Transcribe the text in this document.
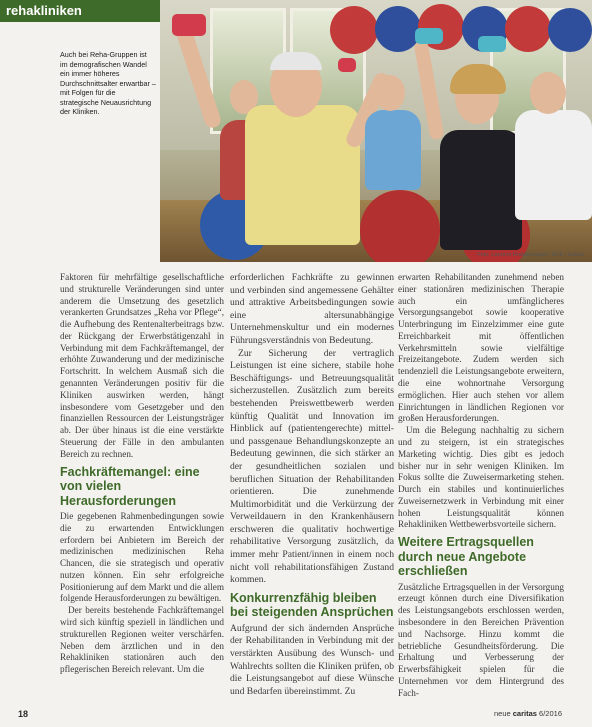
rehakliniken
Auch bei Reha-Gruppen ist im demografischen Wandel ein immer höheres Durchschnittsalter erwartbar – mit Folgen für die strategische Neuausrichtung der Kliniken.
Foto: Laurens Hoddenhagen / AOK / tschau

Faktoren für mehrfältige gesellschaftliche und strukturelle Veränderungen sind unter anderem die Umsetzung des gesetzlich verankerten Grundsatzes „Reha vor Pflege“, die Aufhebung des Rentenalterbeitrags bzw. der Rückgang der Erwerbstätigenzahl in Verbindung mit dem Fachkräftemangel, der erhöhte Zuwanderung und der medizinische Fortschritt. In welchem Ausmaß sich die genannten Veränderungen positiv für die Kliniken auswirken werden, hängt insbesondere vom Gesetzgeber und den finanziellen Ressourcen der Leistungsträger ab. Der über hinaus ist die eine verstärkte Steuerung der Fälle in den ambulanten Bereich zu rechnen.

Fachkräftemangel: eine von vielen Herausforderungen

Die gegebenen Rahmenbedingungen sowie die zu erwartenden Entwicklungen erfordern bei Anbietern im Bereich der medizinischen medizinischen Reha Chancen, die sie strategisch und operativ nutzen können. Ein sehr erfolgreiche Positionierung auf dem Markt und die allem folgende Herausforderungen zu bewältigen.

Der bereits bestehende Fachkräftemangel wird sich künftig speziell in ländlichen und strukturellen Regionen weiter verschärfen. Neben dem ärztlichen und in den Rehakliniken stationären auch den pflegerischen Bereich relevant. Um die

erforderlichen Fachkräfte zu gewinnen und verbinden sind angemessene Gehälter und attraktive Arbeitsbedingungen sowie eine altersunabhängige Unternehmenskultur und ein modernes Führungsverständnis von Bedeutung.

Zur Sicherung der vertraglich Leistungen ist eine sichere, stabile hohe Beschäftigungs- und Betreuungsqualität sicherzustellen. Zusätzlich zum bereits bestehenden Preiswettbewerb werden künftig Qualität und Innovation im Hinblick auf (patientengerechte) mittel- und passgenaue Behandlungskonzepte an Bedeutung gewinnen, die sich stärker an der gesundheitlichen sozialen und beruflichen Situation der Rehabilitanden orientieren. Die zunehmende Multimorbidität und die Verkürzung der Verweildauern in den Krankenhäusern erschweren die qualitativ hochwertige rehabilitative Versorgung zusätzlich, da immer mehr Patient/innen in einem noch nicht voll rehabilitationsfähigen Zustand kommen.

Konkurrenzfähig bleiben bei steigenden Ansprüchen

Aufgrund der sich ändernden Ansprüche der Rehabilitanden in Verbindung mit der verstärkten Ausübung des Wunsch- und Wahlrechts sollten die Kliniken prüfen, ob die Leistungsangebot auf diese Wünsche und Bedarfen übereinstimmt. Zu

erwarten Rehabilitanden zunehmend neben einer stationären medizinischen Therapie auch ein umfänglicheres Versorgungsangebot sowie kooperative Unterbringung im Einzelzimmer eine gute Erreichbarkeit mit öffentlichen Verkehrsmitteln sowie vielfältige Freizeitangebote. Zudem werden sich tendenziell die Leistungsangebote erweitern, die eine wohnortnahe Versorgung ermöglichen. Hier auch stehen vor allem Einrichtungen in ländlichen Regionen vor großen Herausforderungen.

Um die Belegung nachhaltig zu sichern und zu steigern, ist ein strategisches Marketing wichtig. Dies gibt es jedoch bisher nur in sehr wenigen Kliniken. Im Fokus sollte die Zuweisermarketing stehen. Durch ein stabiles und kontinuierliches Zuweisernetzwerk in Verbindung mit einer hohen Leistungsqualität können Rehakliniken Wettbewerbsvorteile sichern.

Weitere Ertragsquellen durch neue Angebote erschließen

Zusätzliche Ertragsquellen in der Versorgung erzeugt können durch eine Diversifikation des Leistungsangebots erschlossen werden, insbesondere in den Bereichen Prävention und Nachsorge. Hinzu kommt die betriebliche Gesundheitsförderung. Die Erhaltung und Verbesserung der Erwerbsfähigkeit spielen für die Unternehmen vor dem Hintergrund des Fach-

18	neue caritas 6/2016
